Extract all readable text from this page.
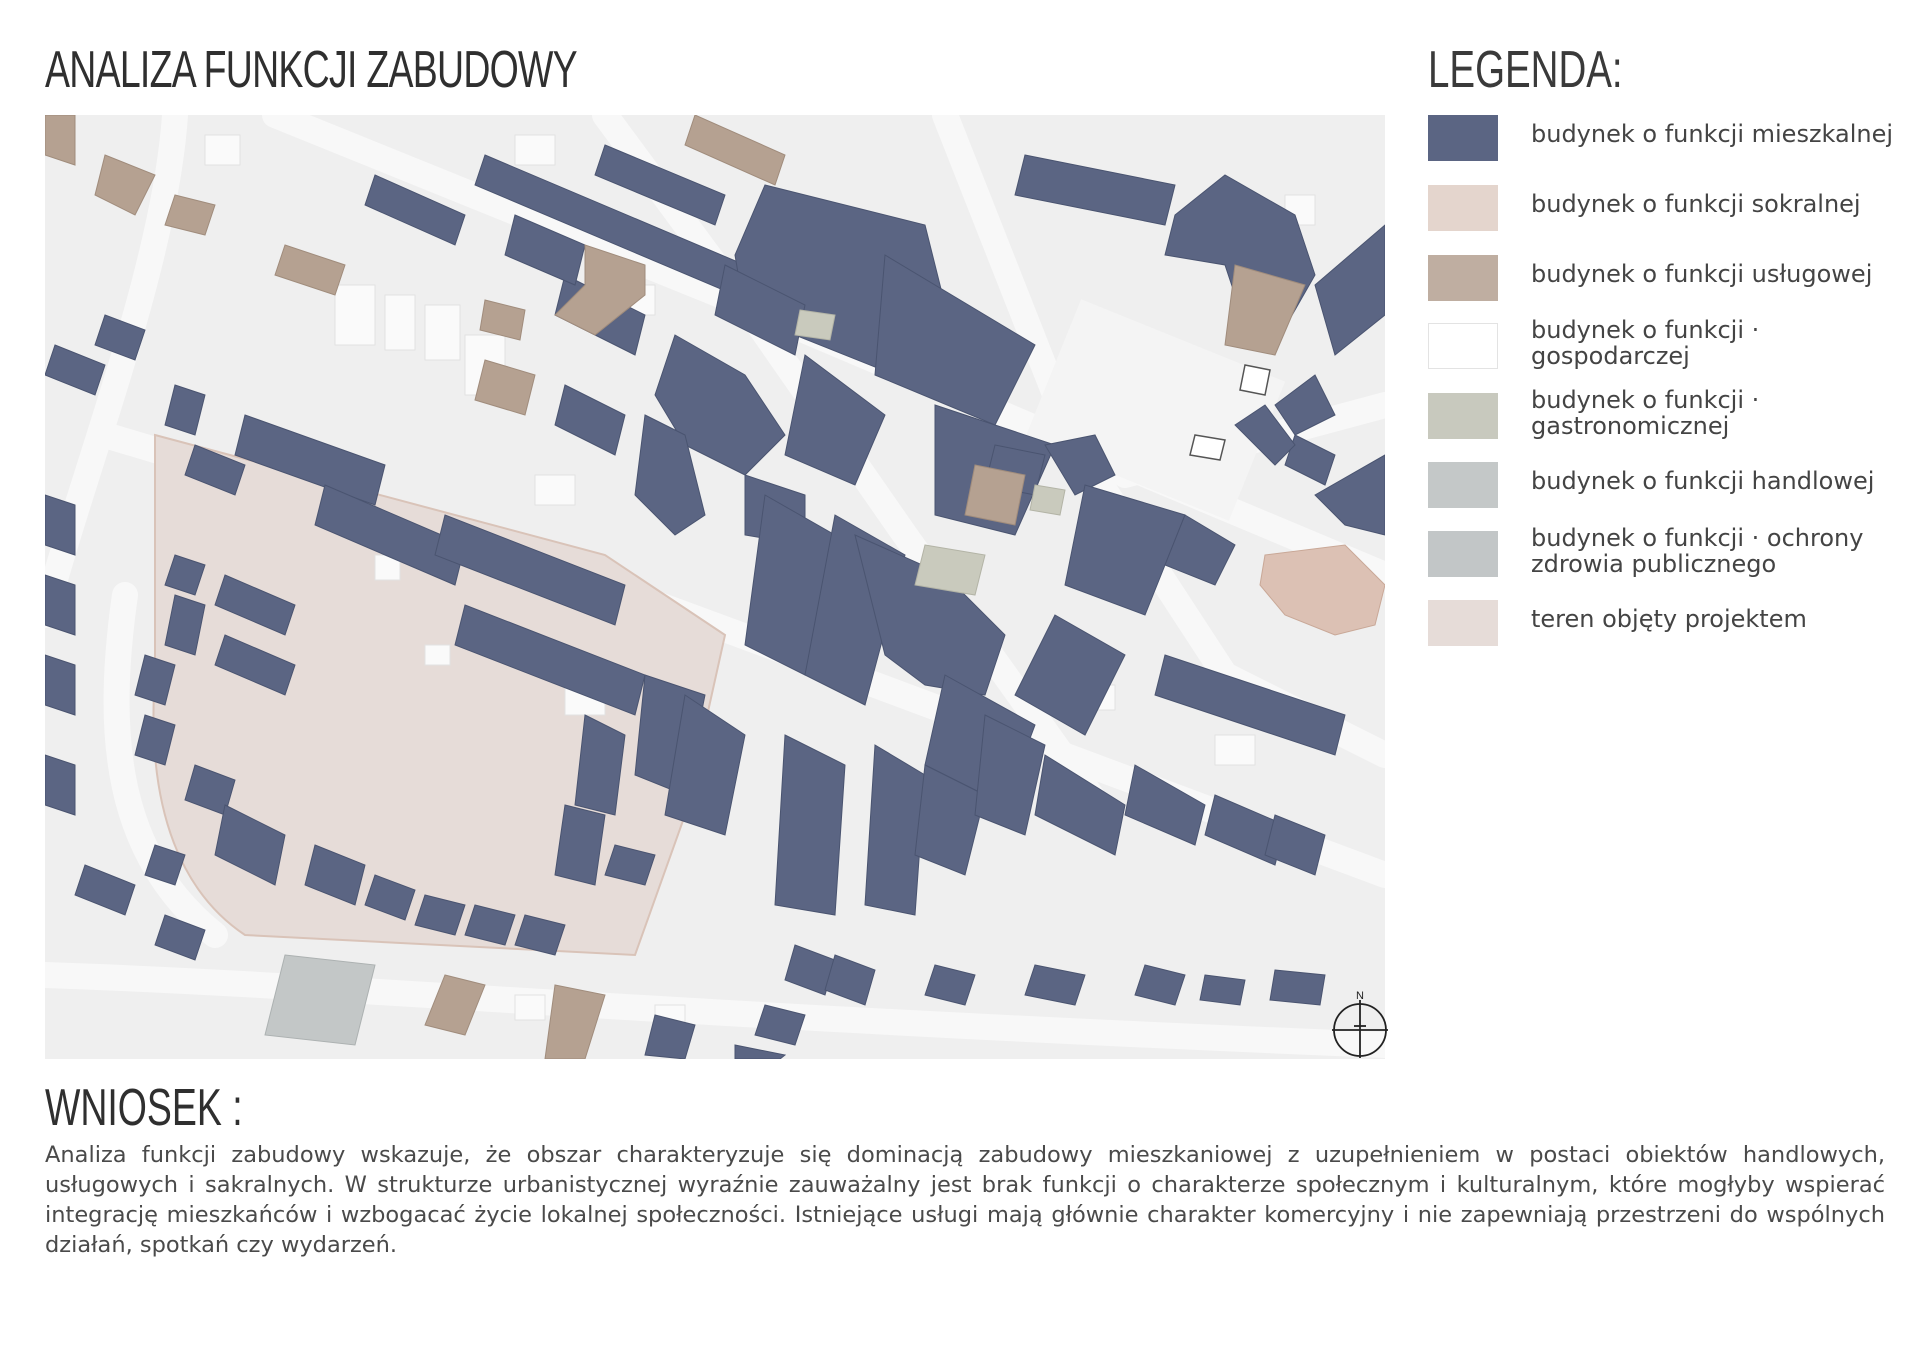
ANALIZA FUNKCJI ZABUDOWY	LEGENDA:
N
budynek o funkcji mieszkalnej
budynek o funkcji sokralnej
budynek o funkcji usługowej
budynek o funkcji · gospodarczej
budynek o funkcji · gastronomicznej
budynek o funkcji handlowej
budynek o funkcji · ochrony zdrowia publicznego
teren objęty projektem
WNIOSEK :

Analiza funkcji zabudowy wskazuje, że obszar charakteryzuje się dominacją zabudowy mieszkaniowej z uzupełnieniem w postaci obiektów handlowych, usługowych i sakralnych. W strukturze urbanistycznej wyraźnie zauważalny jest brak funkcji o charakterze społecznym i kulturalnym, które mogłyby wspierać integrację mieszkańców i wzbogacać życie lokalnej społeczności. Istniejące usługi mają głównie charakter komercyjny i nie zapewniają przestrzeni do wspólnych działań, spotkań czy wydarzeń.
